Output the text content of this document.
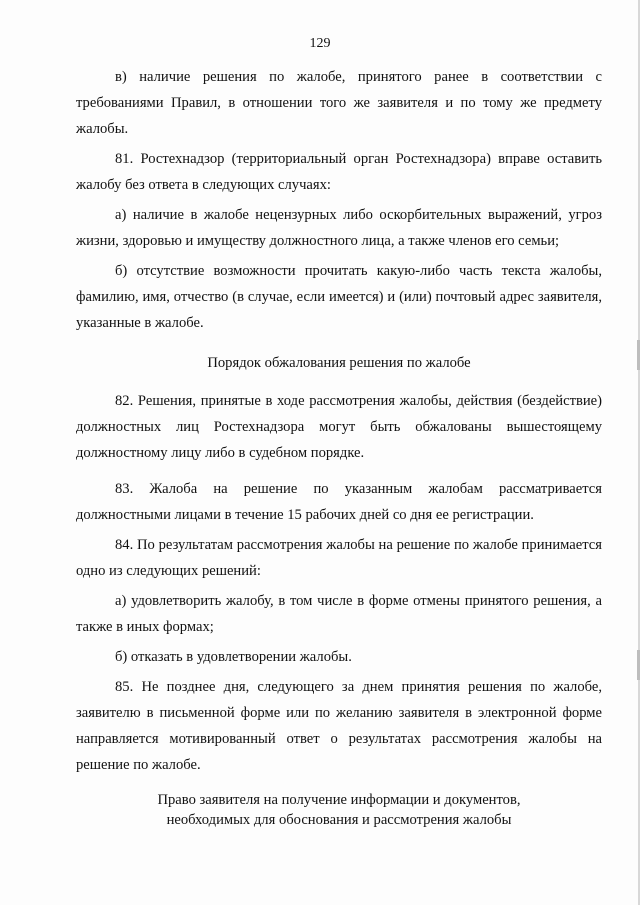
129

в) наличие решения по жалобе, принятого ранее в соответствии с требованиями Правил, в отношении того же заявителя и по тому же предмету жалобы.

81. Ростехнадзор (территориальный орган Ростехнадзора) вправе оставить жалобу без ответа в следующих случаях:

а) наличие в жалобе нецензурных либо оскорбительных выражений, угроз жизни, здоровью и имуществу должностного лица, а также членов его семьи;

б) отсутствие возможности прочитать какую-либо часть текста жалобы, фамилию, имя, отчество (в случае, если имеется) и (или) почтовый адрес заявителя, указанные в жалобе.

Порядок обжалования решения по жалобе

82. Решения, принятые в ходе рассмотрения жалобы, действия (бездействие) должностных лиц Ростехнадзора могут быть обжалованы вышестоящему должностному лицу либо в судебном порядке.

83. Жалоба на решение по указанным жалобам рассматривается должностными лицами в течение 15 рабочих дней со дня ее регистрации.

84. По результатам рассмотрения жалобы на решение по жалобе принимается одно из следующих решений:

а) удовлетворить жалобу, в том числе в форме отмены принятого решения, а также в иных формах;

б) отказать в удовлетворении жалобы.

85. Не позднее дня, следующего за днем принятия решения по жалобе, заявителю в письменной форме или по желанию заявителя в электронной форме направляется мотивированный ответ о результатах рассмотрения жалобы на решение по жалобе.

Право заявителя на получение информации и документов,
необходимых для обоснования и рассмотрения жалобы
